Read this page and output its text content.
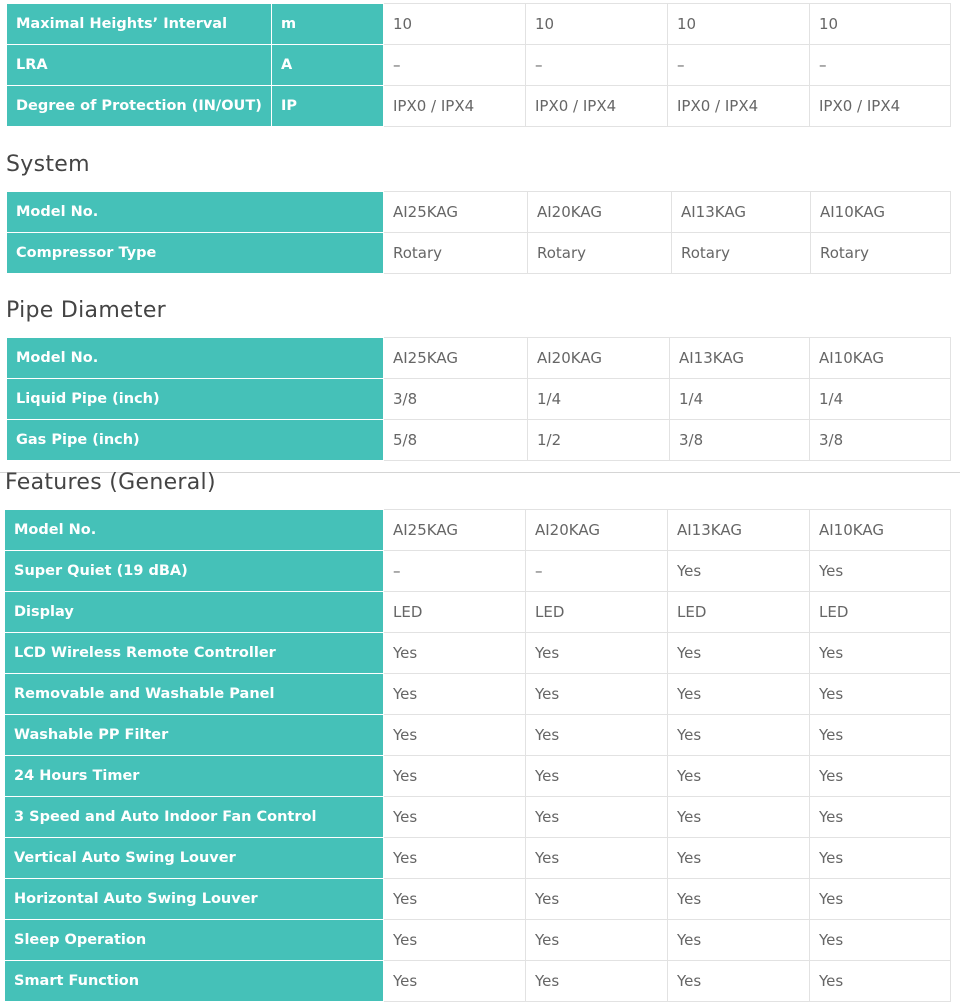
Maximal Heights’ Interval	m	10	10	10	10
LRA	A	–	–	–	–
Degree of Protection (IN/OUT)	IP	IPX0 / IPX4	IPX0 / IPX4	IPX0 / IPX4	IPX0 / IPX4
System
Model No.	AI25KAG	AI20KAG	AI13KAG	AI10KAG
Compressor Type	Rotary	Rotary	Rotary	Rotary
Pipe Diameter
Model No.	AI25KAG	AI20KAG	AI13KAG	AI10KAG
Liquid Pipe (inch)	3/8	1/4	1/4	1/4
Gas Pipe (inch)	5/8	1/2	3/8	3/8
Features (General)
Model No.	AI25KAG	AI20KAG	AI13KAG	AI10KAG
Super Quiet (19 dBA)	–	–	Yes	Yes
Display	LED	LED	LED	LED
LCD Wireless Remote Controller	Yes	Yes	Yes	Yes
Removable and Washable Panel	Yes	Yes	Yes	Yes
Washable PP Filter	Yes	Yes	Yes	Yes
24 Hours Timer	Yes	Yes	Yes	Yes
3 Speed and Auto Indoor Fan Control	Yes	Yes	Yes	Yes
Vertical Auto Swing Louver	Yes	Yes	Yes	Yes
Horizontal Auto Swing Louver	Yes	Yes	Yes	Yes
Sleep Operation	Yes	Yes	Yes	Yes
Smart Function	Yes	Yes	Yes	Yes
